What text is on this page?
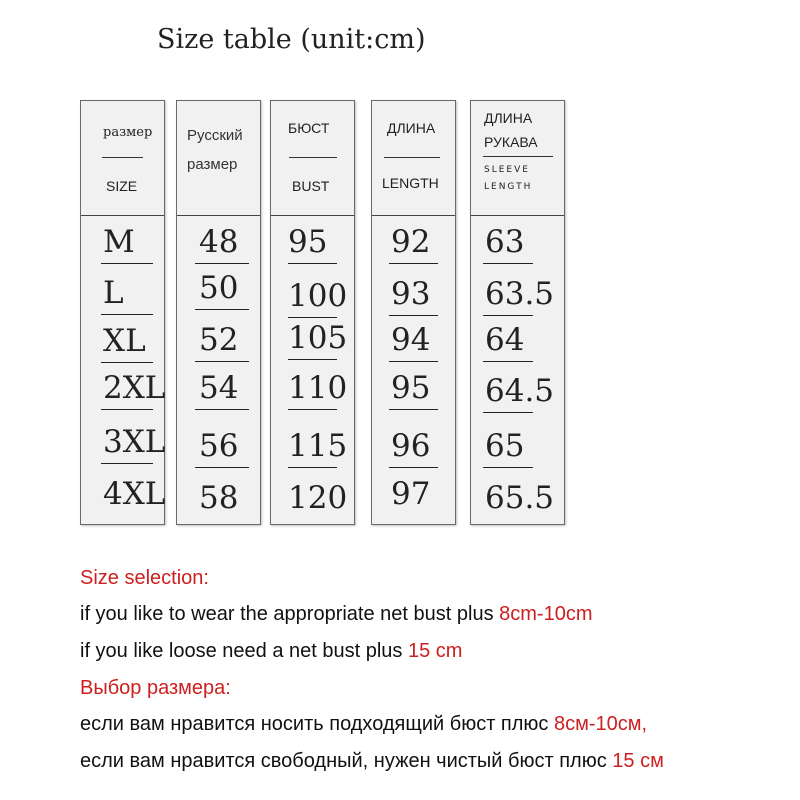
Size table (unit:cm)
размер
SIZE
M
L
XL
2XL
3XL
4XL
Русский
размер
48
50
52
54
56
58
БЮСТ
BUST
95
100
105
110
115
120
ДЛИНА
LENGTH
92
93
94
95
96
97
ДЛИНА
РУКАВА
SLEEVE
LENGTH
63
63.5
64
64.5
65
65.5
Size selection:
if you like to wear the appropriate net bust plus 8cm-10cm
if you like loose need a net bust plus 15 cm
Выбор размера:
если вам нравится носить подходящий бюст плюс 8см-10см,
если вам нравится свободный, нужен чистый бюст плюс 15 см
